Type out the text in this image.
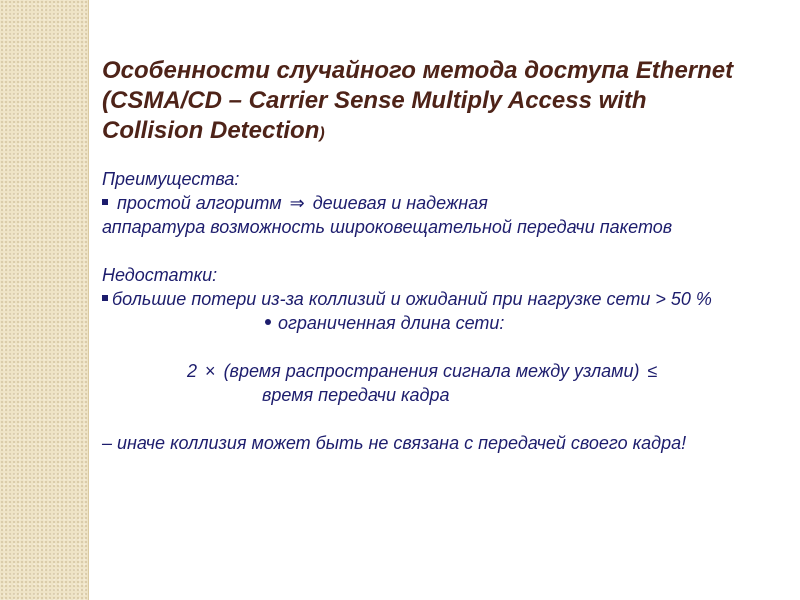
Особенности случайного метода доступа Ethernet
(CSMA/CD – Carrier Sense Multiply Access with Collision Detection)
Преимущества:
простой алгоритм ⇒ дешевая и надежная
аппаратура возможность широковещательной передачи пакетов
Недостатки:
большие потери из-за коллизий и ожиданий при нагрузке сети > 50 %
ограниченная длина сети:
2 × (время распространения сигнала между узлами) ≤
время передачи кадра
– иначе коллизия может быть не связана с передачей своего кадра!
